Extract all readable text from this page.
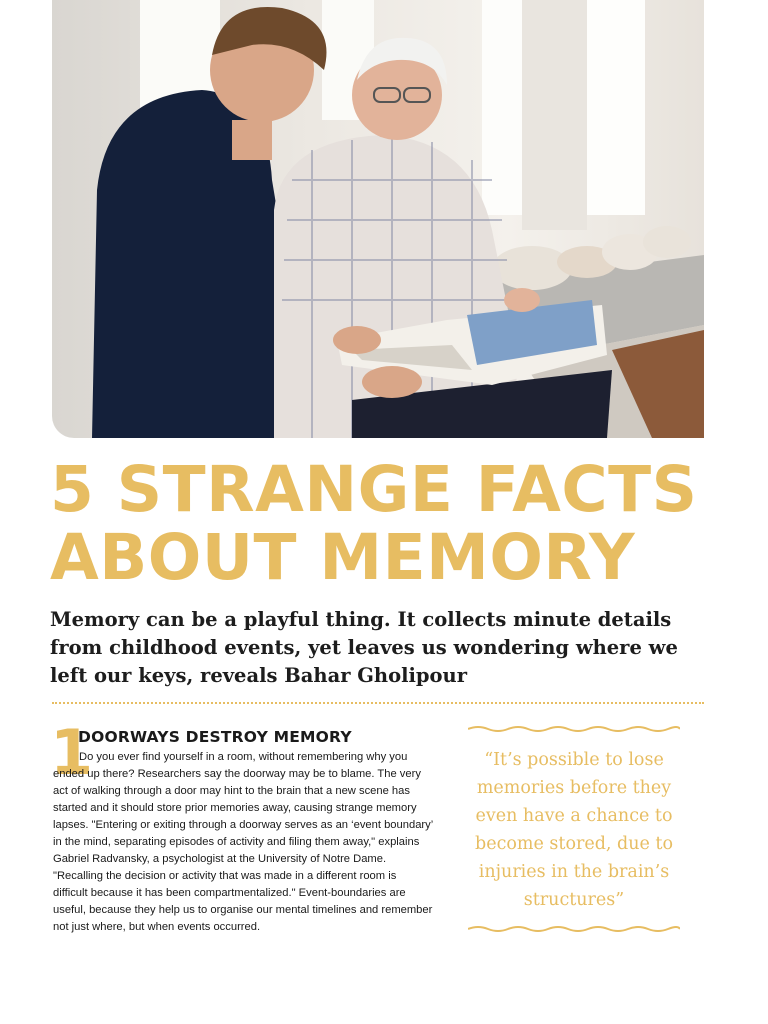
5 STRANGE FACTS
ABOUT MEMORY
Memory can be a playful thing. It collects minute details from childhood events, yet leaves us wondering where we left our keys, reveals Bahar Gholipour
1
DOORWAYS DESTROY MEMORY
Do you ever find yourself in a room, without remembering why you ended up there? Researchers say the doorway may be to blame. The very act of walking through a door may hint to the brain that a new scene has started and it should store prior memories away, causing strange memory lapses. "Entering or exiting through a doorway serves as an ‘event boundary’ in the mind, separating episodes of activity and filing them away," explains Gabriel Radvansky, a psychologist at the University of Notre Dame. "Recalling the decision or activity that was made in a different room is difficult because it has been compartmentalized." Event-boundaries are useful, because they help us to organise our mental timelines and remember not just where, but when events occurred.
“It’s possible to lose memories before they even have a chance to become stored, due to injuries in the brain’s structures”
